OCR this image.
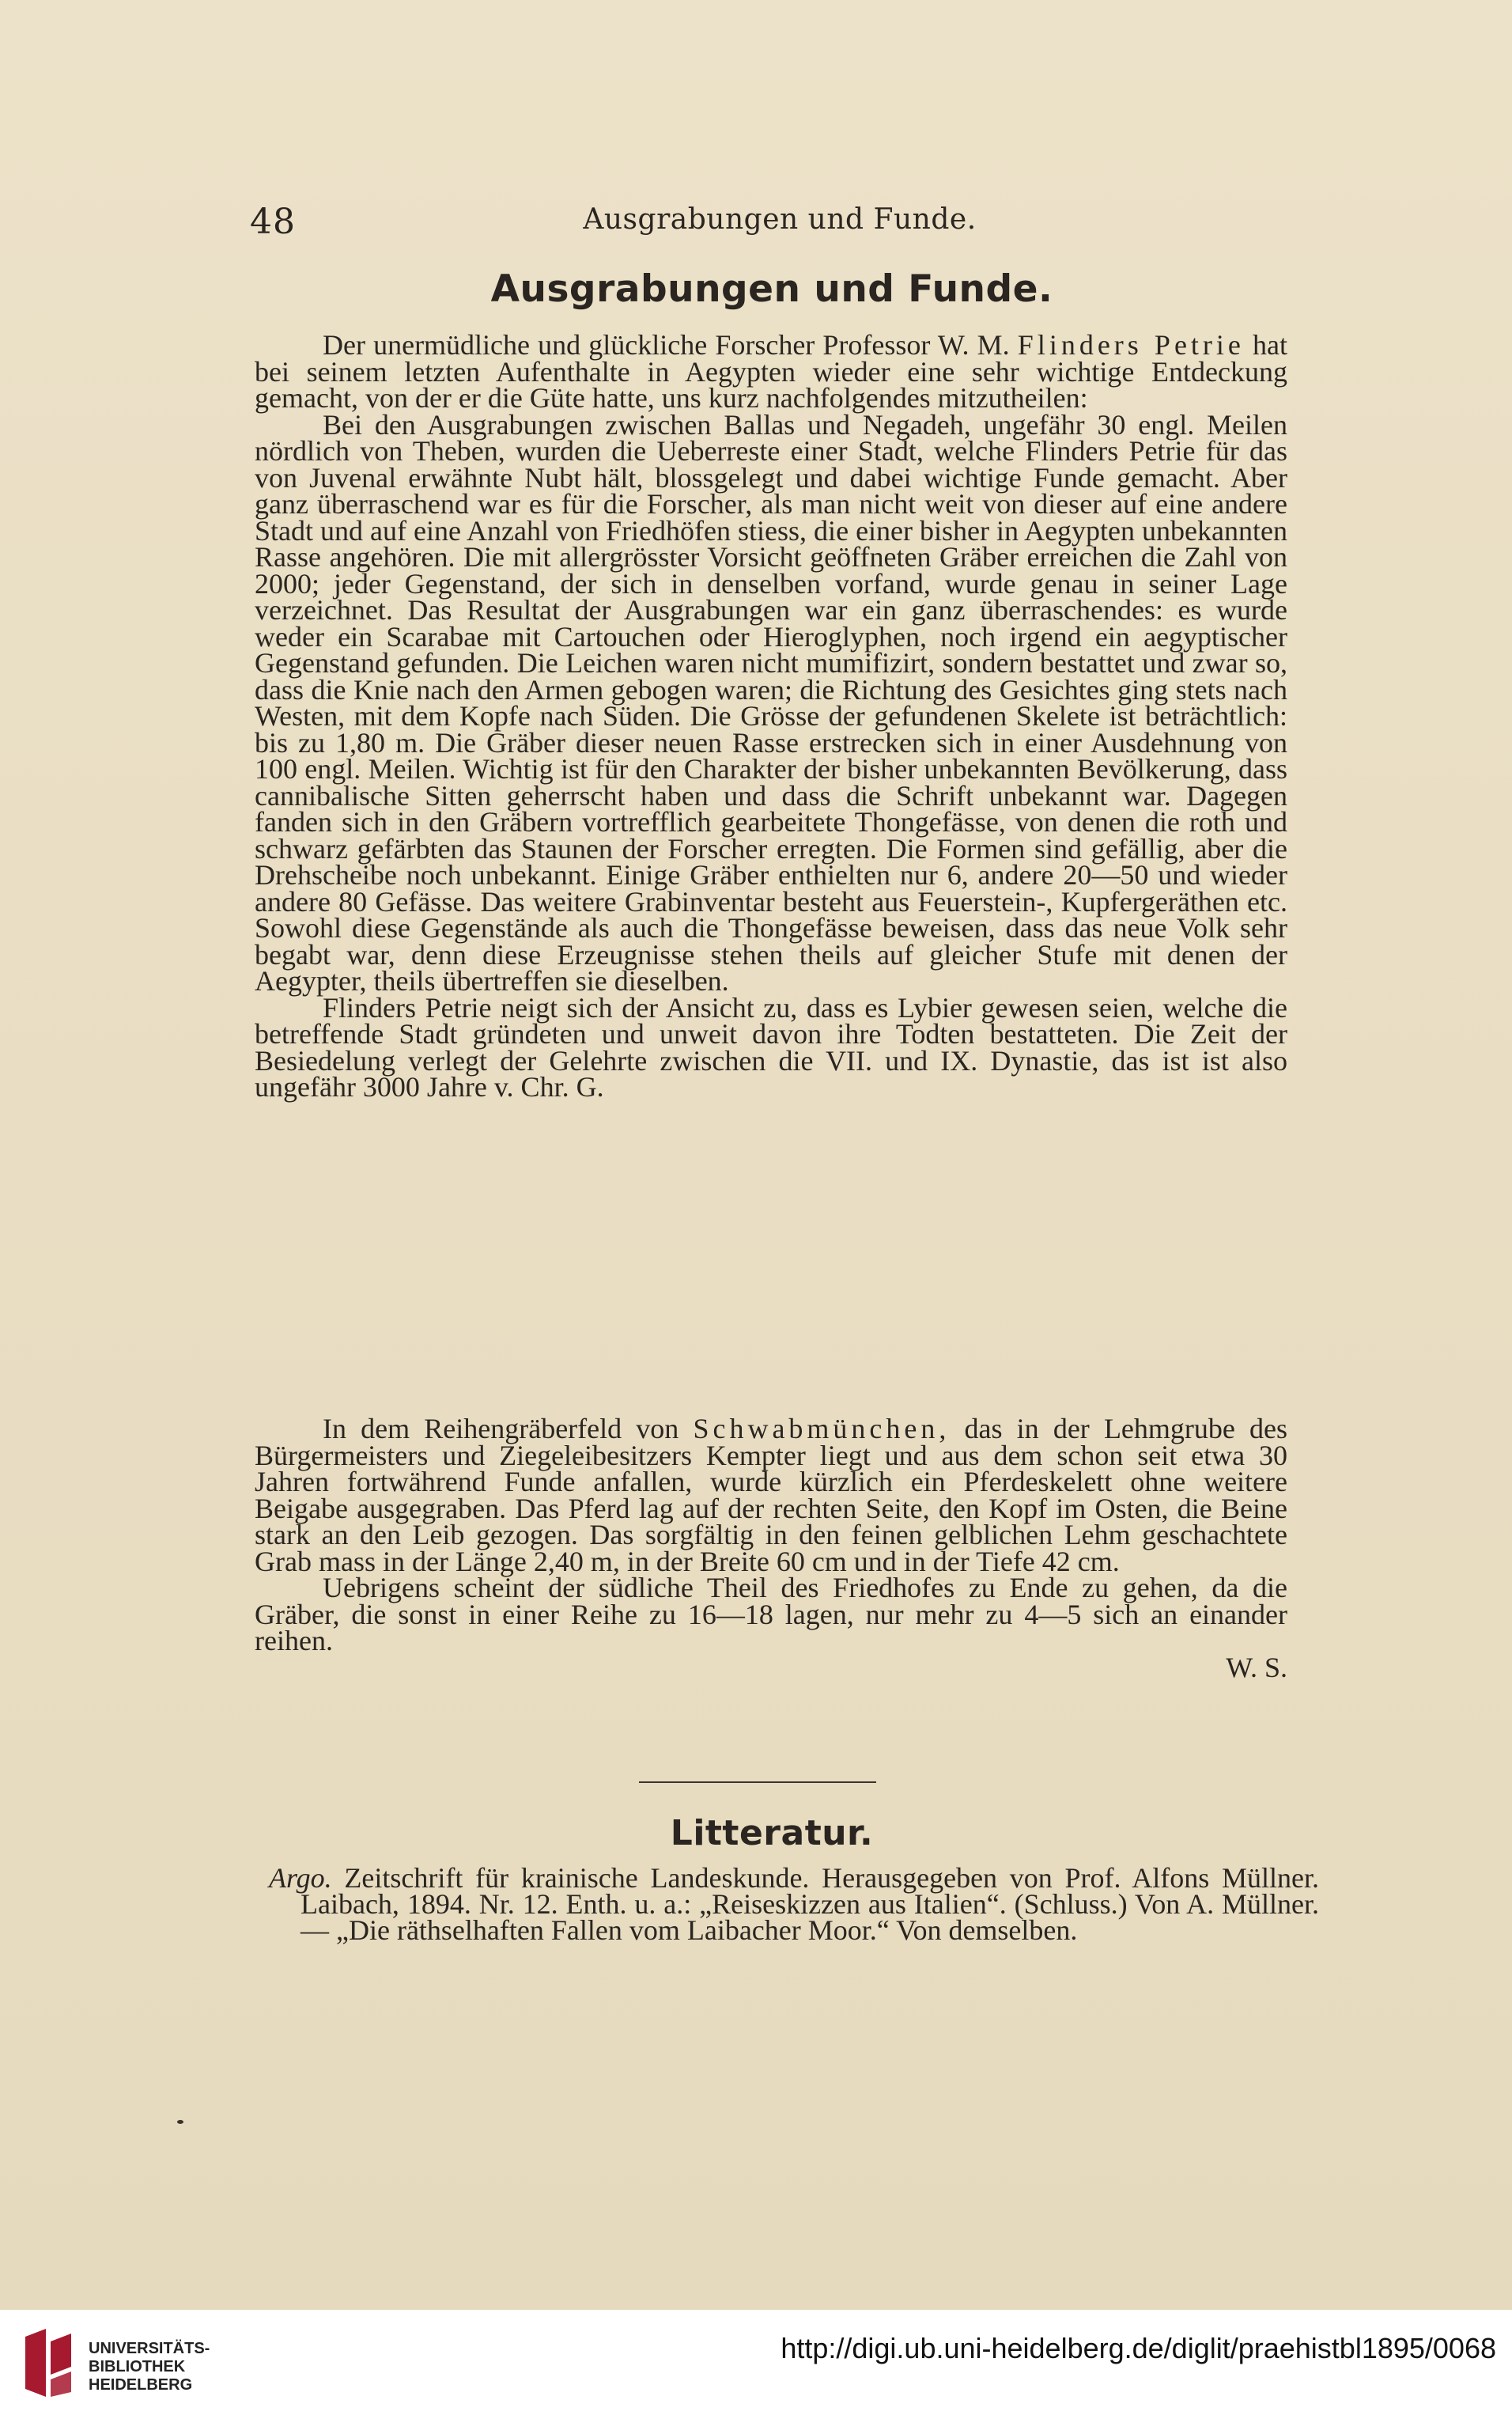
48	Ausgrabungen und Funde.
Ausgrabungen und Funde.

Der unermüdliche und glückliche Forscher Professor W. M. Flinders Petrie hat bei seinem letzten Aufenthalte in Aegypten wieder eine sehr wichtige Entdeckung gemacht, von der er die Güte hatte, uns kurz nachfolgendes mitzutheilen:

Bei den Ausgrabungen zwischen Ballas und Negadeh, ungefähr 30 engl. Meilen nördlich von Theben, wurden die Ueberreste einer Stadt, welche Flinders Petrie für das von Juvenal erwähnte Nubt hält, blossgelegt und dabei wichtige Funde gemacht. Aber ganz überraschend war es für die Forscher, als man nicht weit von dieser auf eine andere Stadt und auf eine Anzahl von Friedhöfen stiess, die einer bisher in Aegypten unbekannten Rasse angehören. Die mit allergrösster Vorsicht geöffneten Gräber erreichen die Zahl von 2000; jeder Gegenstand, der sich in denselben vorfand, wurde genau in seiner Lage verzeichnet. Das Resultat der Ausgrabungen war ein ganz überraschendes: es wurde weder ein Scarabae mit Cartouchen oder Hieroglyphen, noch irgend ein aegyptischer Gegenstand gefunden. Die Leichen waren nicht mumifizirt, sondern bestattet und zwar so, dass die Knie nach den Armen gebogen waren; die Richtung des Gesichtes ging stets nach Westen, mit dem Kopfe nach Süden. Die Grösse der gefundenen Skelete ist beträchtlich: bis zu 1,80 m. Die Gräber dieser neuen Rasse erstrecken sich in einer Ausdehnung von 100 engl. Meilen. Wichtig ist für den Charakter der bisher unbekannten Bevölkerung, dass cannibalische Sitten geherrscht haben und dass die Schrift unbekannt war. Dagegen fanden sich in den Gräbern vortrefflich gearbeitete Thongefässe, von denen die roth und schwarz gefärbten das Staunen der Forscher erregten. Die Formen sind gefällig, aber die Drehscheibe noch unbekannt. Einige Gräber enthielten nur 6, andere 20—50 und wieder andere 80 Gefässe. Das weitere Grabinventar besteht aus Feuerstein-, Kupfergeräthen etc. Sowohl diese Gegenstände als auch die Thongefässe beweisen, dass das neue Volk sehr begabt war, denn diese Erzeugnisse stehen theils auf gleicher Stufe mit denen der Aegypter, theils übertreffen sie dieselben.

Flinders Petrie neigt sich der Ansicht zu, dass es Lybier gewesen seien, welche die betreffende Stadt gründeten und unweit davon ihre Todten bestatteten. Die Zeit der Besiedelung verlegt der Gelehrte zwischen die VII. und IX. Dynastie, das ist ist also ungefähr 3000 Jahre v. Chr. G.

In dem Reihengräberfeld von Schwabmünchen, das in der Lehmgrube des Bürgermeisters und Ziegeleibesitzers Kempter liegt und aus dem schon seit etwa 30 Jahren fortwährend Funde anfallen, wurde kürzlich ein Pferdeskelett ohne weitere Beigabe ausgegraben. Das Pferd lag auf der rechten Seite, den Kopf im Osten, die Beine stark an den Leib gezogen. Das sorgfältig in den feinen gelblichen Lehm geschachtete Grab mass in der Länge 2,40 m, in der Breite 60 cm und in der Tiefe 42 cm.

Uebrigens scheint der südliche Theil des Friedhofes zu Ende zu gehen, da die Gräber, die sonst in einer Reihe zu 16—18 lagen, nur mehr zu 4—5 sich an einander reihen.

W. S.
Litteratur.
Argo. Zeitschrift für krainische Landeskunde. Herausgegeben von Prof. Alfons Müllner. Laibach, 1894. Nr. 12. Enth. u. a.: „Reiseskizzen aus Italien“. (Schluss.) Von A. Müllner. — „Die räthselhaften Fallen vom Laibacher Moor.“ Von demselben.
UNIVERSITÄTS-
BIBLIOTHEK
HEIDELBERG
http://digi.ub.uni-heidelberg.de/diglit/praehistbl1895/0068
